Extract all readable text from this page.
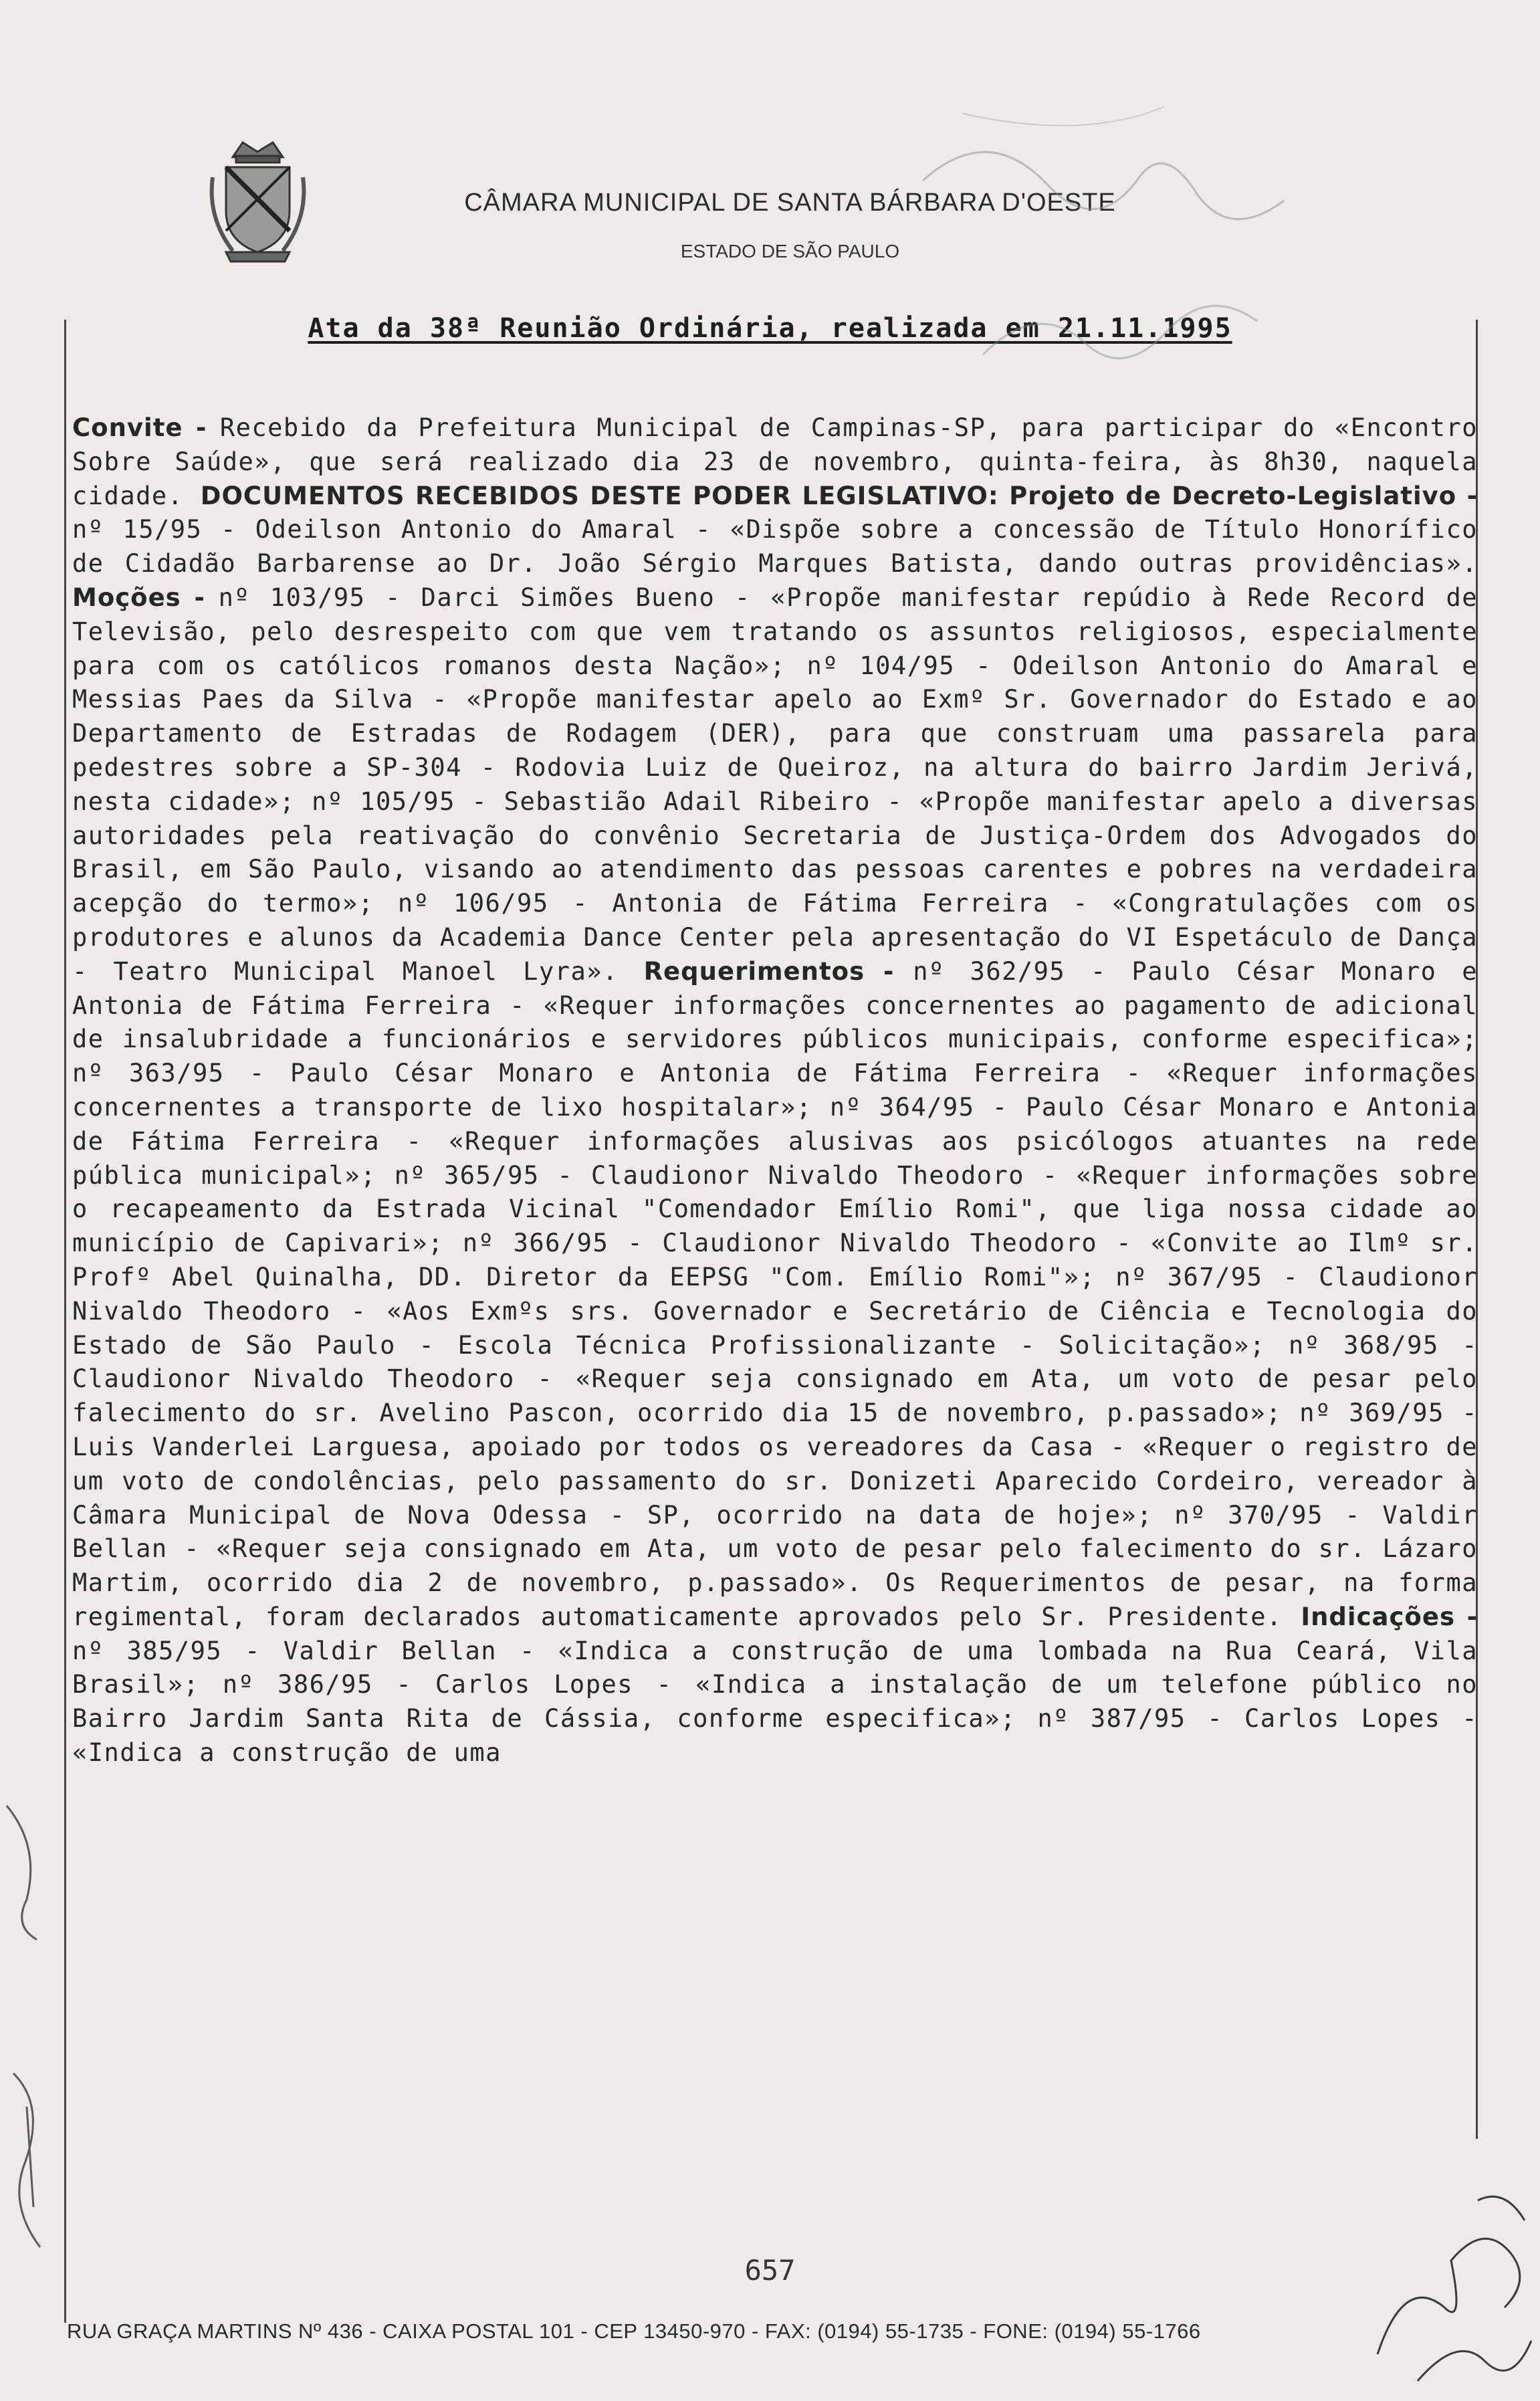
CÂMARA MUNICIPAL DE SANTA BÁRBARA D'OESTE
ESTADO DE SÃO PAULO
Ata da 38ª Reunião Ordinária, realizada em 21.11.1995
Convite - Recebido da Prefeitura Municipal de Campinas-SP, para participar do «Encontro Sobre Saúde», que será realizado dia 23 de novembro, quinta-feira, às 8h30, naquela cidade. DOCUMENTOS RECEBIDOS DESTE PODER LEGISLATIVO: Projeto de Decreto-Legislativo - nº 15/95 - Odeilson Antonio do Amaral - «Dispõe sobre a concessão de Título Honorífico de Cidadão Barbarense ao Dr. João Sérgio Marques Batista, dando outras providências». Moções - nº 103/95 - Darci Simões Bueno - «Propõe manifestar repúdio à Rede Record de Televisão, pelo desrespeito com que vem tratando os assuntos religiosos, especialmente para com os católicos romanos desta Nação»; nº 104/95 - Odeilson Antonio do Amaral e Messias Paes da Silva - «Propõe manifestar apelo ao Exmº Sr. Governador do Estado e ao Departamento de Estradas de Rodagem (DER), para que construam uma passarela para pedestres sobre a SP-304 - Rodovia Luiz de Queiroz, na altura do bairro Jardim Jerivá, nesta cidade»; nº 105/95 - Sebastião Adail Ribeiro - «Propõe manifestar apelo a diversas autoridades pela reativação do convênio Secretaria de Justiça-Ordem dos Advogados do Brasil, em São Paulo, visando ao atendimento das pessoas carentes e pobres na verdadeira acepção do termo»; nº 106/95 - Antonia de Fátima Ferreira - «Congratulações com os produtores e alunos da Academia Dance Center pela apresentação do VI Espetáculo de Dança - Teatro Municipal Manoel Lyra». Requerimentos - nº 362/95 - Paulo César Monaro e Antonia de Fátima Ferreira - «Requer informações concernentes ao pagamento de adicional de insalubridade a funcionários e servidores públicos municipais, conforme especifica»; nº 363/95 - Paulo César Monaro e Antonia de Fátima Ferreira - «Requer informações concernentes a transporte de lixo hospitalar»; nº 364/95 - Paulo César Monaro e Antonia de Fátima Ferreira - «Requer informações alusivas aos psicólogos atuantes na rede pública municipal»; nº 365/95 - Claudionor Nivaldo Theodoro - «Requer informações sobre o recapeamento da Estrada Vicinal "Comendador Emílio Romi", que liga nossa cidade ao município de Capivari»; nº 366/95 - Claudionor Nivaldo Theodoro - «Convite ao Ilmº sr. Profº Abel Quinalha, DD. Diretor da EEPSG "Com. Emílio Romi"»; nº 367/95 - Claudionor Nivaldo Theodoro - «Aos Exmºs srs. Governador e Secretário de Ciência e Tecnologia do Estado de São Paulo - Escola Técnica Profissionalizante - Solicitação»; nº 368/95 - Claudionor Nivaldo Theodoro - «Requer seja consignado em Ata, um voto de pesar pelo falecimento do sr. Avelino Pascon, ocorrido dia 15 de novembro, p.passado»; nº 369/95 - Luis Vanderlei Larguesa, apoiado por todos os vereadores da Casa - «Requer o registro de um voto de condolências, pelo passamento do sr. Donizeti Aparecido Cordeiro, vereador à Câmara Municipal de Nova Odessa - SP, ocorrido na data de hoje»; nº 370/95 - Valdir Bellan - «Requer seja consignado em Ata, um voto de pesar pelo falecimento do sr. Lázaro Martim, ocorrido dia 2 de novembro, p.passado». Os Requerimentos de pesar, na forma regimental, foram declarados automaticamente aprovados pelo Sr. Presidente. Indicações - nº 385/95 - Valdir Bellan - «Indica a construção de uma lombada na Rua Ceará, Vila Brasil»; nº 386/95 - Carlos Lopes - «Indica a instalação de um telefone público no Bairro Jardim Santa Rita de Cássia, conforme especifica»; nº 387/95 - Carlos Lopes - «Indica a construção de uma
657
RUA GRAÇA MARTINS Nº 436 - CAIXA POSTAL 101 - CEP 13450-970 - FAX: (0194) 55-1735 - FONE: (0194) 55-1766
